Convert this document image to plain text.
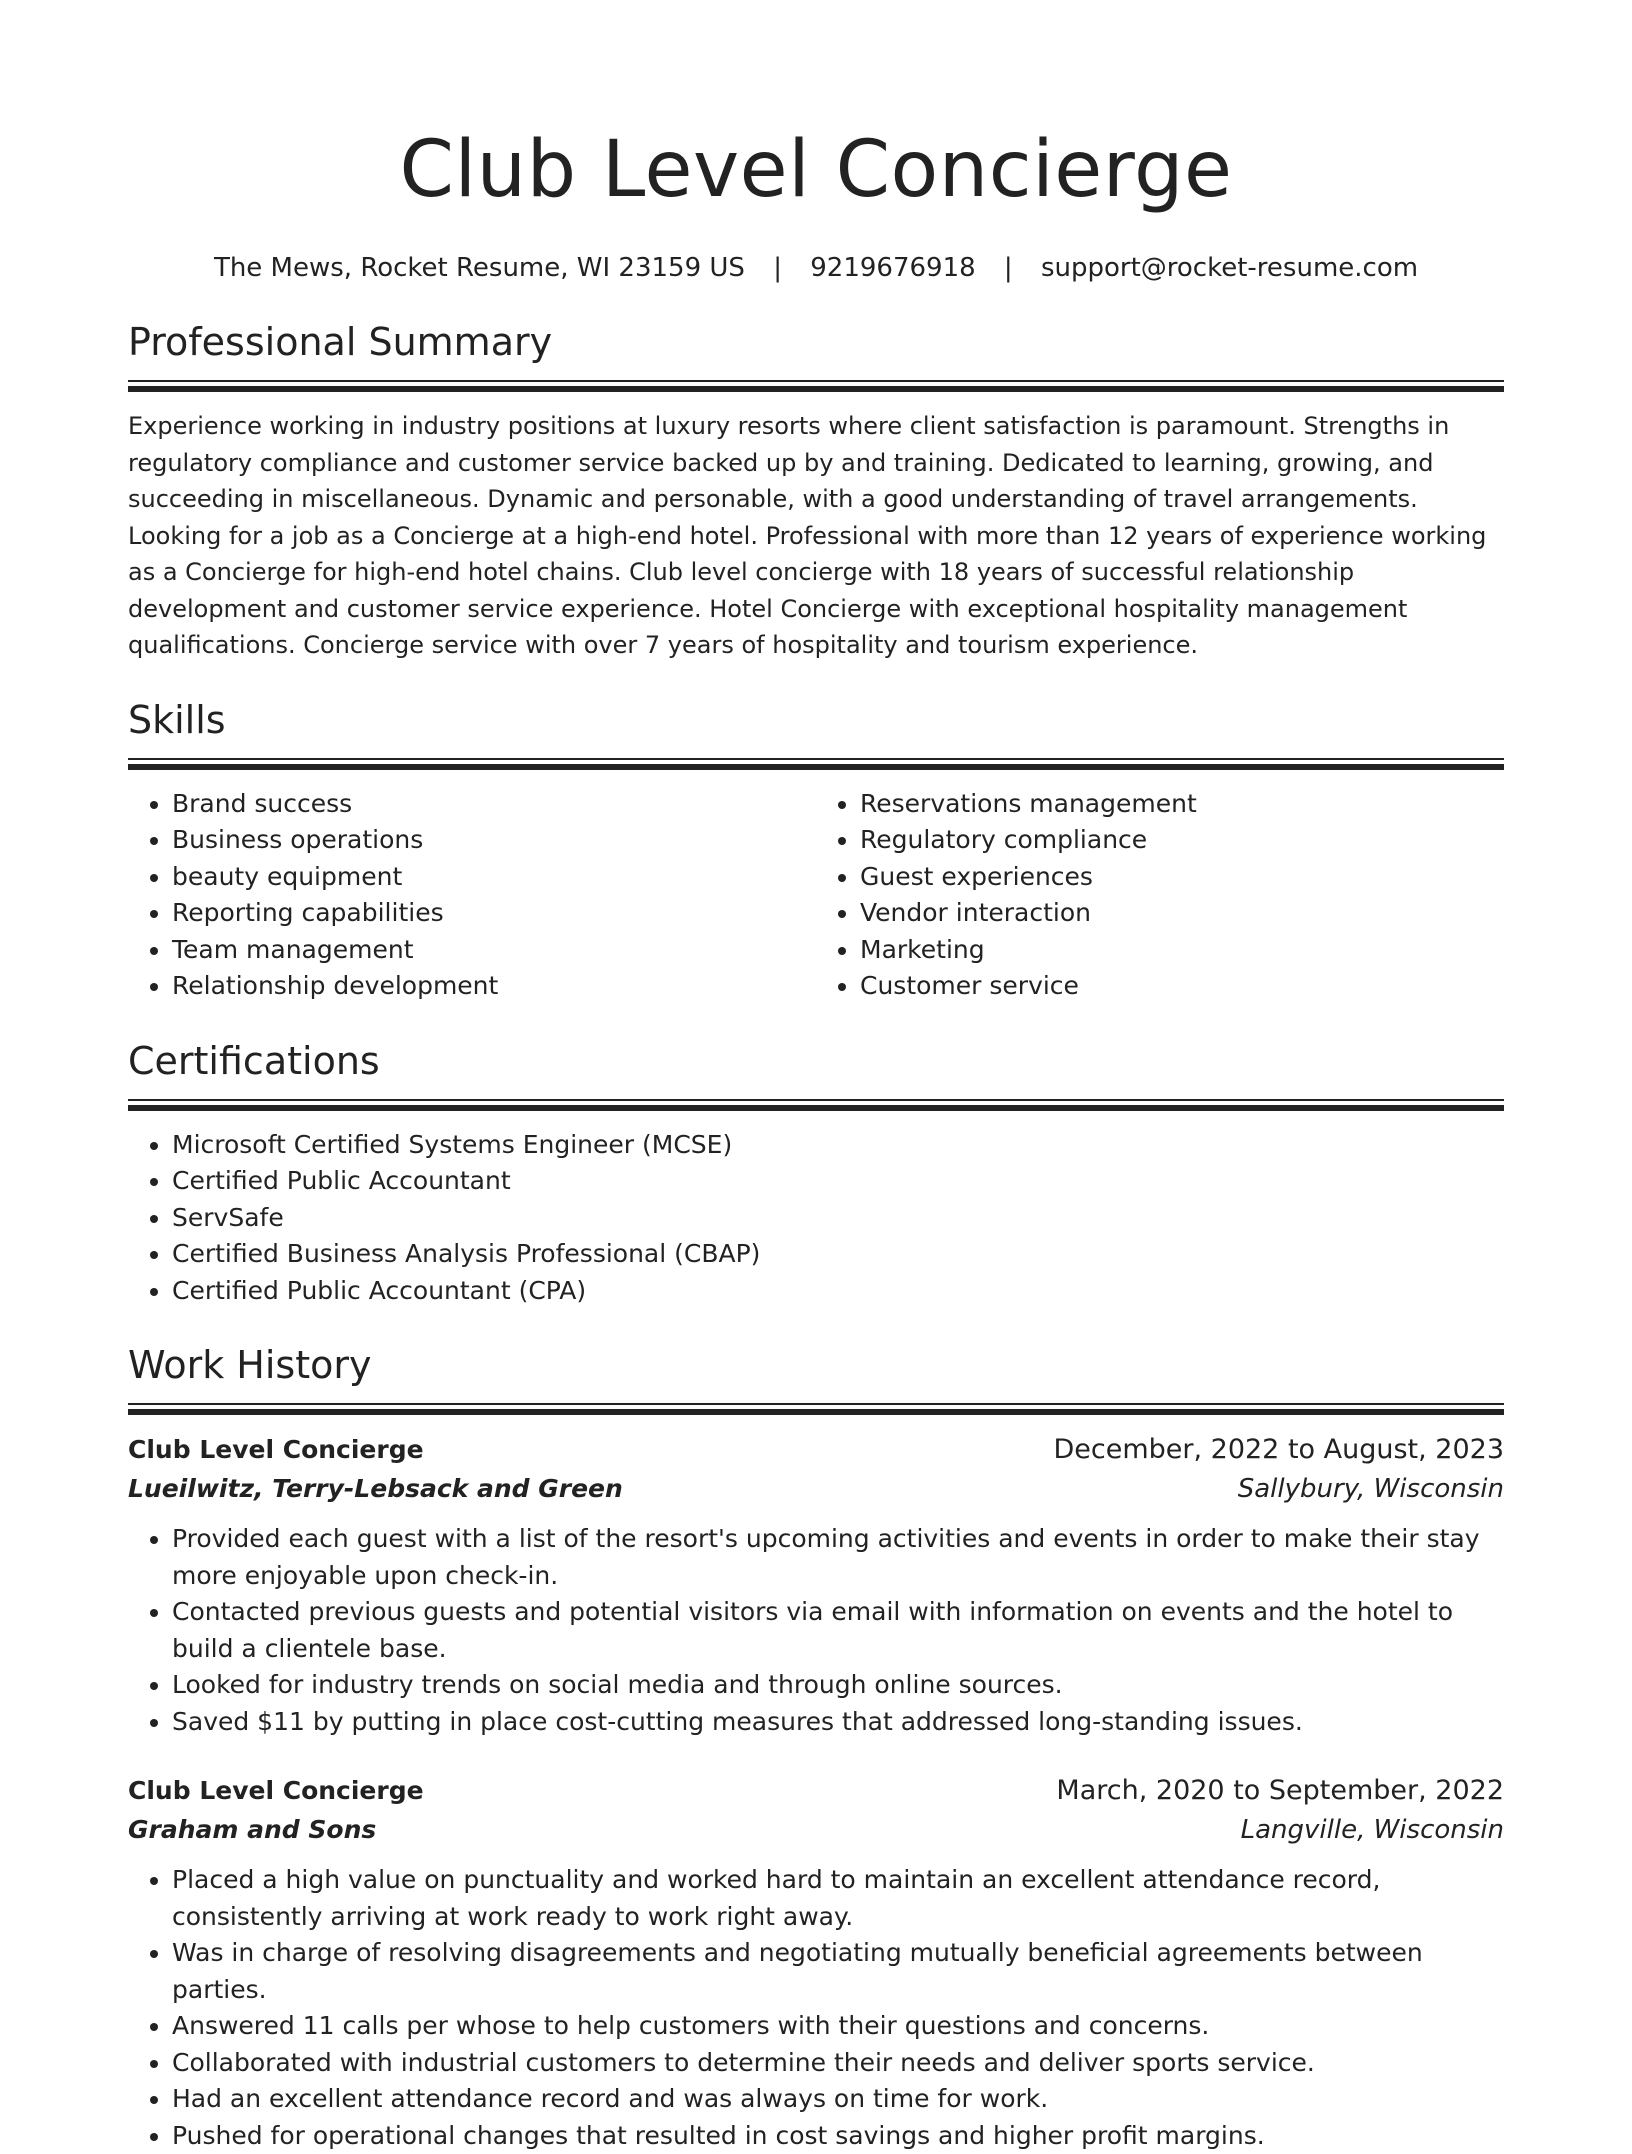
Club Level Concierge
The Mews, Rocket Resume, WI 23159 US | 9219676918 | support@rocket-resume.com
Professional Summary

Experience working in industry positions at luxury resorts where client satisfaction is paramount. Strengths in regulatory compliance and customer service backed up by and training. Dedicated to learning, growing, and succeeding in miscellaneous. Dynamic and personable, with a good understanding of travel arrangements. Looking for a job as a Concierge at a high-end hotel. Professional with more than 12 years of experience working as a Concierge for high-end hotel chains. Club level concierge with 18 years of successful relationship development and customer service experience. Hotel Concierge with exceptional hospitality management qualifications. Concierge service with over 7 years of hospitality and tourism experience.

Skills
• Brand success
• Business operations
• beauty equipment
• Reporting capabilities
• Team management
• Relationship development
• Reservations management
• Regulatory compliance
• Guest experiences
• Vendor interaction
• Marketing
• Customer service
Certifications
• Microsoft Certified Systems Engineer (MCSE)
• Certified Public Accountant
• ServSafe
• Certified Business Analysis Professional (CBAP)
• Certified Public Accountant (CPA)
Work History
Club Level Concierge	December, 2022 to August, 2023
Lueilwitz, Terry-Lebsack and Green	Sallybury, Wisconsin
• Provided each guest with a list of the resort's upcoming activities and events in order to make their stay more enjoyable upon check-in.
• Contacted previous guests and potential visitors via email with information on events and the hotel to build a clientele base.
• Looked for industry trends on social media and through online sources.
• Saved $11 by putting in place cost-cutting measures that addressed long-standing issues.
Club Level Concierge	March, 2020 to September, 2022
Graham and Sons	Langville, Wisconsin
• Placed a high value on punctuality and worked hard to maintain an excellent attendance record, consistently arriving at work ready to work right away.
• Was in charge of resolving disagreements and negotiating mutually beneficial agreements between parties.
• Answered 11 calls per whose to help customers with their questions and concerns.
• Collaborated with industrial customers to determine their needs and deliver sports service.
• Had an excellent attendance record and was always on time for work.
• Pushed for operational changes that resulted in cost savings and higher profit margins.
